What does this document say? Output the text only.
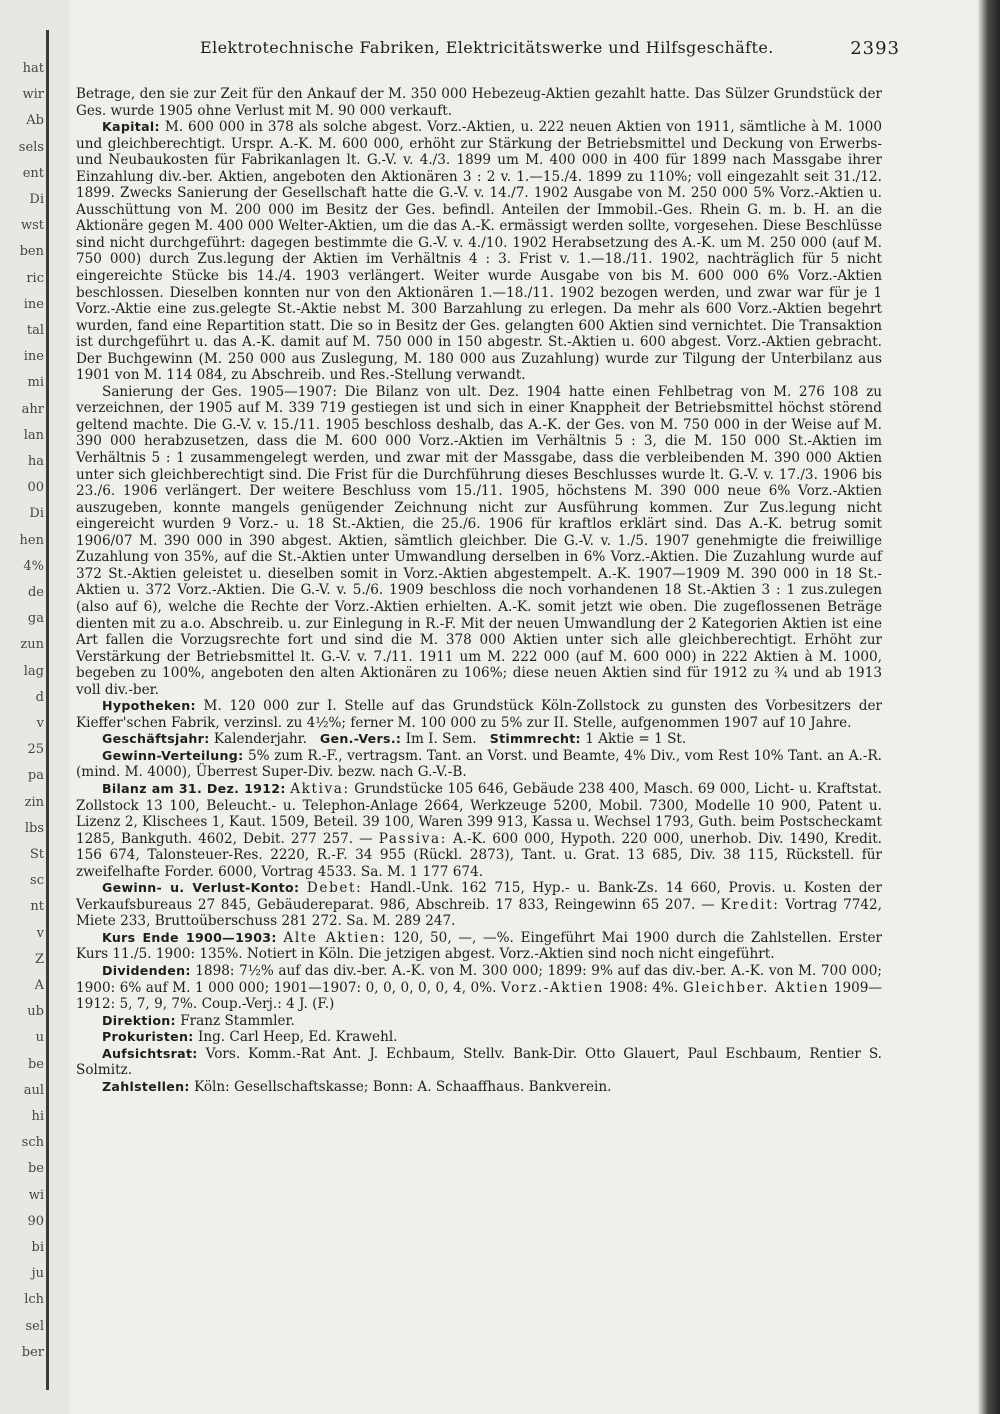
hat
wir
Ab
sels
ent
Di
wst
ben
ric
ine
tal
ine
mi
ahr
lan
ha
00
Di
hen
4%
de
ga
zun
lag
d
v
25
pa
zin
lbs
St
sc
nt
v
Z
A
ub
u
be
aul
hi
sch
be
wi
90
bi
ju
lch
sel
ber
Elektrotechnische Fabriken, Elektricitätswerke und Hilfsgeschäfte.	2393

Betrage, den sie zur Zeit für den Ankauf der M. 350 000 Hebezeug-Aktien gezahlt hatte. Das Sülzer Grundstück der Ges. wurde 1905 ohne Verlust mit M. 90 000 verkauft.

Kapital: M. 600 000 in 378 als solche abgest. Vorz.-Aktien, u. 222 neuen Aktien von 1911, sämtliche à M. 1000 und gleichberechtigt. Urspr. A.-K. M. 600 000, erhöht zur Stärkung der Betriebsmittel und Deckung von Erwerbs- und Neubaukosten für Fabrikanlagen lt. G.-V. v. 4./3. 1899 um M. 400 000 in 400 für 1899 nach Massgabe ihrer Einzahlung div.-ber. Aktien, angeboten den Aktionären 3 : 2 v. 1.—15./4. 1899 zu 110%; voll eingezahlt seit 31./12. 1899. Zwecks Sanierung der Gesellschaft hatte die G.-V. v. 14./7. 1902 Ausgabe von M. 250 000 5% Vorz.-Aktien u. Ausschüttung von M. 200 000 im Besitz der Ges. befindl. Anteilen der Immobil.-Ges. Rhein G. m. b. H. an die Aktionäre gegen M. 400 000 Welter-Aktien, um die das A.-K. ermässigt werden sollte, vorgesehen. Diese Beschlüsse sind nicht durchgeführt: dagegen bestimmte die G.-V. v. 4./10. 1902 Herabsetzung des A.-K. um M. 250 000 (auf M. 750 000) durch Zus.legung der Aktien im Verhältnis 4 : 3. Frist v. 1.—18./11. 1902, nachträglich für 5 nicht eingereichte Stücke bis 14./4. 1903 verlängert. Weiter wurde Ausgabe von bis M. 600 000 6% Vorz.-Aktien beschlossen. Dieselben konnten nur von den Aktionären 1.—18./11. 1902 bezogen werden, und zwar war für je 1 Vorz.-Aktie eine zus.gelegte St.-Aktie nebst M. 300 Barzahlung zu erlegen. Da mehr als 600 Vorz.-Aktien begehrt wurden, fand eine Repartition statt. Die so in Besitz der Ges. gelangten 600 Aktien sind vernichtet. Die Transaktion ist durchgeführt u. das A.-K. damit auf M. 750 000 in 150 abgestr. St.-Aktien u. 600 abgest. Vorz.-Aktien gebracht. Der Buchgewinn (M. 250 000 aus Zuslegung, M. 180 000 aus Zuzahlung) wurde zur Tilgung der Unterbilanz aus 1901 von M. 114 084, zu Abschreib. und Res.-Stellung verwandt.

Sanierung der Ges. 1905—1907: Die Bilanz von ult. Dez. 1904 hatte einen Fehlbetrag von M. 276 108 zu verzeichnen, der 1905 auf M. 339 719 gestiegen ist und sich in einer Knappheit der Betriebsmittel höchst störend geltend machte. Die G.-V. v. 15./11. 1905 beschloss deshalb, das A.-K. der Ges. von M. 750 000 in der Weise auf M. 390 000 herabzusetzen, dass die M. 600 000 Vorz.-Aktien im Verhältnis 5 : 3, die M. 150 000 St.-Aktien im Verhältnis 5 : 1 zusammengelegt werden, und zwar mit der Massgabe, dass die verbleibenden M. 390 000 Aktien unter sich gleichberechtigt sind. Die Frist für die Durchführung dieses Beschlusses wurde lt. G.-V. v. 17./3. 1906 bis 23./6. 1906 verlängert. Der weitere Beschluss vom 15./11. 1905, höchstens M. 390 000 neue 6% Vorz.-Aktien auszugeben, konnte mangels genügender Zeichnung nicht zur Ausführung kommen. Zur Zus.legung nicht eingereicht wurden 9 Vorz.- u. 18 St.-Aktien, die 25./6. 1906 für kraftlos erklärt sind. Das A.-K. betrug somit 1906/07 M. 390 000 in 390 abgest. Aktien, sämtlich gleichber. Die G.-V. v. 1./5. 1907 genehmigte die freiwillige Zuzahlung von 35%, auf die St.-Aktien unter Umwandlung derselben in 6% Vorz.-Aktien. Die Zuzahlung wurde auf 372 St.-Aktien geleistet u. dieselben somit in Vorz.-Aktien abgestempelt. A.-K. 1907—1909 M. 390 000 in 18 St.-Aktien u. 372 Vorz.-Aktien. Die G.-V. v. 5./6. 1909 beschloss die noch vorhandenen 18 St.-Aktien 3 : 1 zus.zulegen (also auf 6), welche die Rechte der Vorz.-Aktien erhielten. A.-K. somit jetzt wie oben. Die zugeflossenen Beträge dienten mit zu a.o. Abschreib. u. zur Einlegung in R.-F. Mit der neuen Umwandlung der 2 Kategorien Aktien ist eine Art fallen die Vorzugsrechte fort und sind die M. 378 000 Aktien unter sich alle gleichberechtigt. Erhöht zur Verstärkung der Betriebsmittel lt. G.-V. v. 7./11. 1911 um M. 222 000 (auf M. 600 000) in 222 Aktien à M. 1000, begeben zu 100%, angeboten den alten Aktionären zu 106%; diese neuen Aktien sind für 1912 zu ¾ und ab 1913 voll div.-ber.

Hypotheken: M. 120 000 zur I. Stelle auf das Grundstück Köln-Zollstock zu gunsten des Vorbesitzers der Kieffer'schen Fabrik, verzinsl. zu 4½%; ferner M. 100 000 zu 5% zur II. Stelle, aufgenommen 1907 auf 10 Jahre.

Geschäftsjahr: Kalenderjahr. Gen.-Vers.: Im I. Sem. Stimmrecht: 1 Aktie = 1 St.

Gewinn-Verteilung: 5% zum R.-F., vertragsm. Tant. an Vorst. und Beamte, 4% Div., vom Rest 10% Tant. an A.-R. (mind. M. 4000), Überrest Super-Div. bezw. nach G.-V.-B.

Bilanz am 31. Dez. 1912: Aktiva: Grundstücke 105 646, Gebäude 238 400, Masch. 69 000, Licht- u. Kraftstat. Zollstock 13 100, Beleucht.- u. Telephon-Anlage 2664, Werkzeuge 5200, Mobil. 7300, Modelle 10 900, Patent u. Lizenz 2, Klischees 1, Kaut. 1509, Beteil. 39 100, Waren 399 913, Kassa u. Wechsel 1793, Guth. beim Postscheckamt 1285, Bankguth. 4602, Debit. 277 257. — Passiva: A.-K. 600 000, Hypoth. 220 000, unerhob. Div. 1490, Kredit. 156 674, Talonsteuer-Res. 2220, R.-F. 34 955 (Rückl. 2873), Tant. u. Grat. 13 685, Div. 38 115, Rückstell. für zweifelhafte Forder. 6000, Vortrag 4533. Sa. M. 1 177 674.

Gewinn- u. Verlust-Konto: Debet: Handl.-Unk. 162 715, Hyp.- u. Bank-Zs. 14 660, Provis. u. Kosten der Verkaufsbureaus 27 845, Gebäudereparat. 986, Abschreib. 17 833, Reingewinn 65 207. — Kredit: Vortrag 7742, Miete 233, Bruttoüberschuss 281 272. Sa. M. 289 247.

Kurs Ende 1900—1903: Alte Aktien: 120, 50, —, —%. Eingeführt Mai 1900 durch die Zahlstellen. Erster Kurs 11./5. 1900: 135%. Notiert in Köln. Die jetzigen abgest. Vorz.-Aktien sind noch nicht eingeführt.

Dividenden: 1898: 7½% auf das div.-ber. A.-K. von M. 300 000; 1899: 9% auf das div.-ber. A.-K. von M. 700 000; 1900: 6% auf M. 1 000 000; 1901—1907: 0, 0, 0, 0, 0, 4, 0%. Vorz.-Aktien 1908: 4%. Gleichber. Aktien 1909—1912: 5, 7, 9, 7%. Coup.-Verj.: 4 J. (F.)

Direktion: Franz Stammler.

Prokuristen: Ing. Carl Heep, Ed. Krawehl.

Aufsichtsrat: Vors. Komm.-Rat Ant. J. Echbaum, Stellv. Bank-Dir. Otto Glauert, Paul Eschbaum, Rentier S. Solmitz.

Zahlstellen: Köln: Gesellschaftskasse; Bonn: A. Schaaffhaus. Bankverein.
